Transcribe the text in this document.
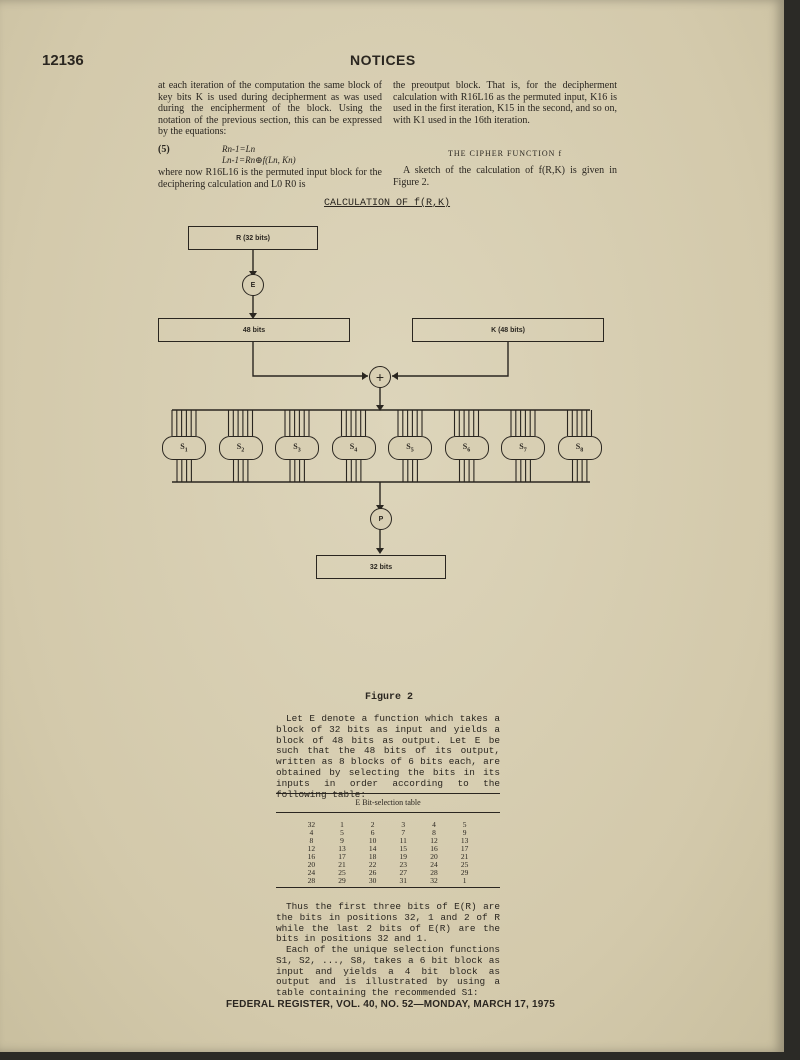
12136	NOTICES

at each iteration of the computation the same block of key bits K is used during decipherment as was used during the encipherment of the block. Using the notation of the previous section, this can be expressed by the equations:

(5)	Rn-1=Ln
Ln-1=Rn⊕f(Ln, Kn)

where now R16L16 is the permuted input block for the deciphering calculation and L0 R0 is

the preoutput block. That is, for the decipherment calculation with R16L16 as the permuted input, K16 is used in the first iteration, K15 in the second, and so on, with K1 used in the 16th iteration.

THE CIPHER FUNCTION f

A sketch of the calculation of f(R,K) is given in Figure 2.

CALCULATION OF f(R,K)
R (32 bits)
E
48 bits	K (48 bits)
+
P
32 bits
Figure 2

Let E denote a function which takes a block of 32 bits as input and yields a block of 48 bits as output. Let E be such that the 48 bits of its output, written as 8 blocks of 6 bits each, are obtained by selecting the bits in its inputs in order according to the following table:

E Bit-selection table
32	1	2	3	4	5
4	5	6	7	8	9
8	9	10	11	12	13
12	13	14	15	16	17
16	17	18	19	20	21
20	21	22	23	24	25
24	25	26	27	28	29
28	29	30	31	32	1

Thus the first three bits of E(R) are the bits in positions 32, 1 and 2 of R while the last 2 bits of E(R) are the bits in positions 32 and 1.

Each of the unique selection functions S1, S2, ..., S8, takes a 6 bit block as input and yields a 4 bit block as output and is illustrated by using a table containing the recommended S1:

FEDERAL REGISTER, VOL. 40, NO. 52—MONDAY, MARCH 17, 1975
$S_1$	$S_2$	$S_3$	$S_4$	$S_5$	$S_6$	$S_7$	$S_8$
